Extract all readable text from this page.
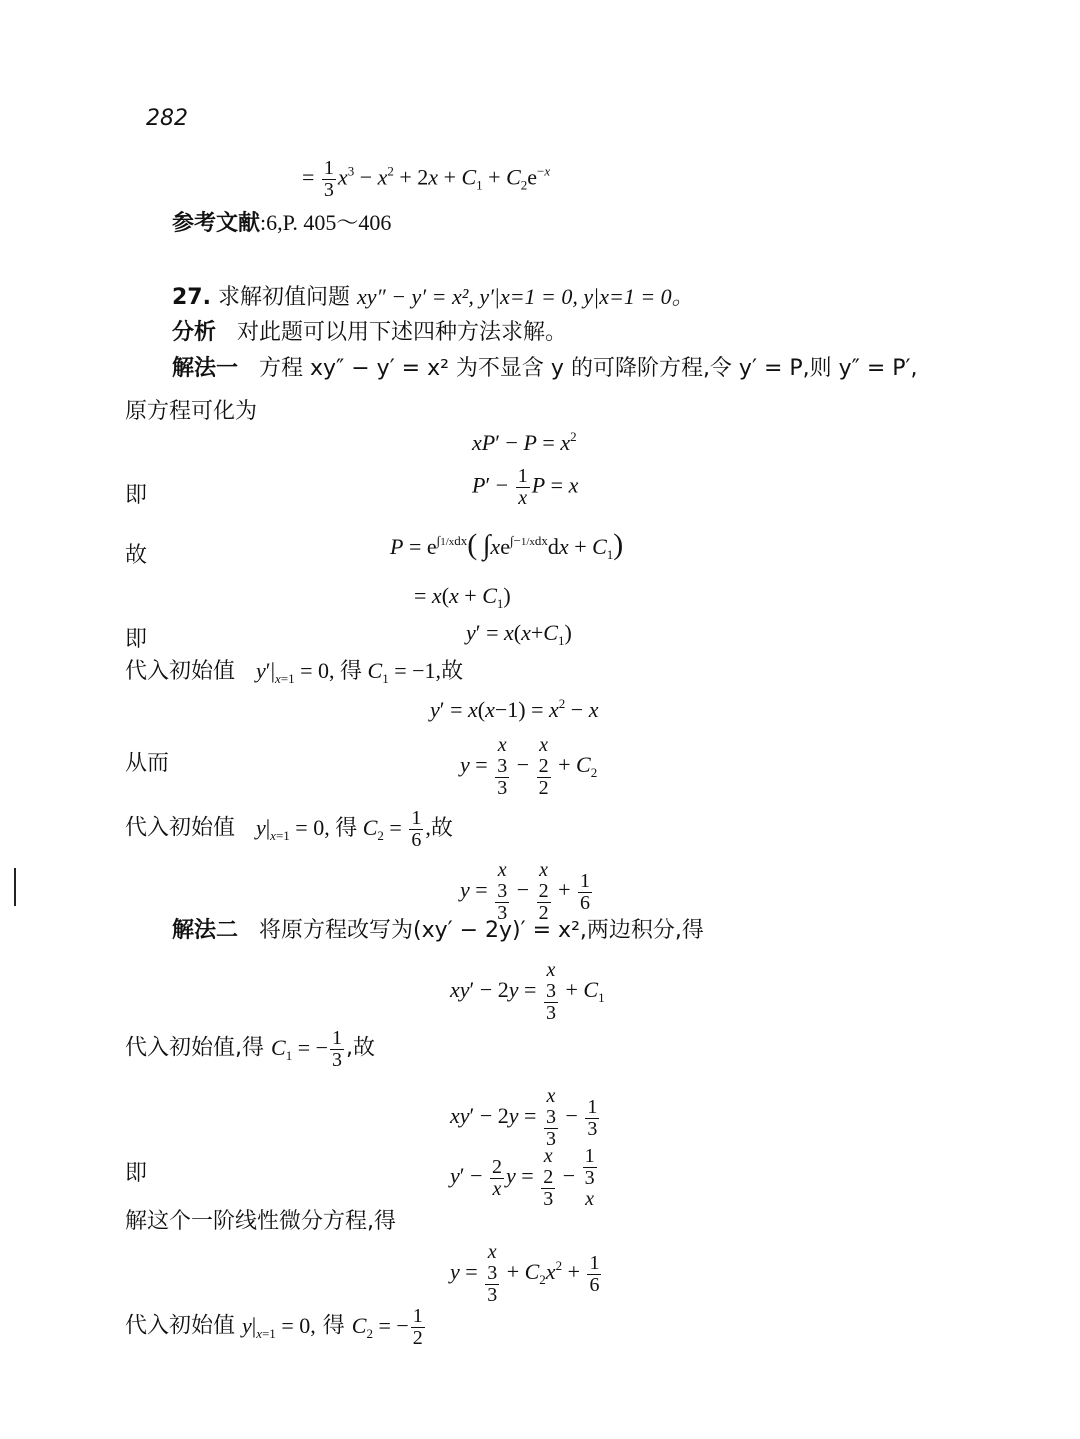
282
= $\frac{1}{3} x^3 - x^2 + 2x + C_1 + C_2e^{-x}$
参考文献:6,P. 405～406
27. 求解初值问题 xy″ − y′ = x², y′|x=1 = 0, y|x=1 = 0。
分析 对此题可以用下述四种方法求解。
解法一 方程 xy″ − y′ = x² 为不显含 y 的可降阶方程,令 y′ = P,则 y″ = P′,
原方程可化为
$xP' - P = x^2$
即	$P' - \frac{1}{x}$ P = x
故	$P = e^{\int 1/xdx}$( $\int xe^{\int-1/xdx}dx + C_1$)
= $x(x + C_1)$
即	$y' = x(x+C_1)$
代入初始值 $y'|_{x=1} = 0$, 得 $C_1 = -1$,故
$y' = x(x-1) = x^2 - x$
从而	y = x
3
3 − x
2
$2 + C_2$
代入初始值 $y|_{x=1} = 0$, 得 $C_2 = \frac{1}{6}$ ,故
y = x
3
3 − x
2
$2 + \frac{1}{6}$
解法二 将原方程改写为(xy′ − 2y)′ = x²,两边积分,得
xy′ − 2y = x
3
$3 + C_1$
代入初始值,得 $C_1$ = − $\frac{1}{3}$ ,故
xy′ − 2y = x
3
$3 - \frac{1}{3}$
即	$y' - \frac{2}{x}$ y = x
2
3 − 1
3
x
解这个一阶线性微分方程,得
y = x
3
$3 + C_2x^2 + \frac{1}{6}$
代入初始值 $y|_{x=1} = 0$, 得 $C_2$ = − $\frac{1}{2}$
